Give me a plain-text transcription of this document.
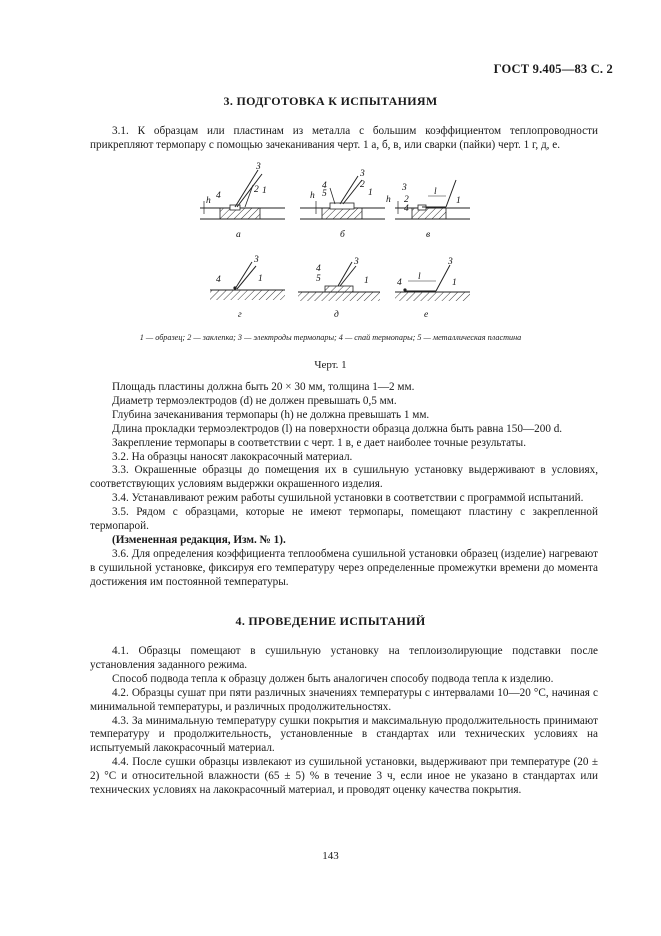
ГОСТ 9.405—83 С. 2
3. ПОДГОТОВКА К ИСПЫТАНИЯМ

3.1. К образцам или пластинам из металла с большим коэффициентом теплопроводности прикрепляют термопару с помощью зачеканивания черт. 1 а, б, в, или сварки (пайки) черт. 1 г, д, е.

h 4
2 1
3
а
h
4
5
3
2
1
б
h
3
2
4
l
1
в
4
3
1
г
4
5
3
1
д
4
l
3
1
е
1 — образец; 2 — заклепка; 3 — электроды термопары; 4 — спай термопары; 5 — металлическая пластина
Черт. 1

Площадь пластины должна быть 20 × 30 мм, толщина 1—2 мм.

Диаметр термоэлектродов (d) не должен превышать 0,5 мм.

Глубина зачеканивания термопары (h) не должна превышать 1 мм.

Длина прокладки термоэлектродов (l) на поверхности образца должна быть равна 150—200 d.

Закрепление термопары в соответствии с черт. 1 в, е дает наиболее точные результаты.

3.2. На образцы наносят лакокрасочный материал.

3.3. Окрашенные образцы до помещения их в сушильную установку выдерживают в условиях, соответствующих условиям выдержки окрашенного изделия.

3.4. Устанавливают режим работы сушильной установки в соответствии с программой испытаний.

3.5. Рядом с образцами, которые не имеют термопары, помещают пластину с закрепленной термопарой.

(Измененная редакция, Изм. № 1).

3.6. Для определения коэффициента теплообмена сушильной установки образец (изделие) нагревают в сушильной установке, фиксируя его температуру через определенные промежутки времени до момента достижения им постоянной температуры.

4. ПРОВЕДЕНИЕ ИСПЫТАНИЙ

4.1. Образцы помещают в сушильную установку на теплоизолирующие подставки после установления заданного режима.

Способ подвода тепла к образцу должен быть аналогичен способу подвода тепла к изделию.

4.2. Образцы сушат при пяти различных значениях температуры с интервалами 10—20 °С, начиная с минимальной температуры, и различных продолжительностях.

4.3. За минимальную температуру сушки покрытия и максимальную продолжительность принимают температуру и продолжительность, установленные в стандартах или технических условиях на испытуемый лакокрасочный материал.

4.4. После сушки образцы извлекают из сушильной установки, выдерживают при температуре (20 ± 2) °С и относительной влажности (65 ± 5) % в течение 3 ч, если иное не указано в стандартах или технических условиях на лакокрасочный материал, и проводят оценку качества покрытия.

143
